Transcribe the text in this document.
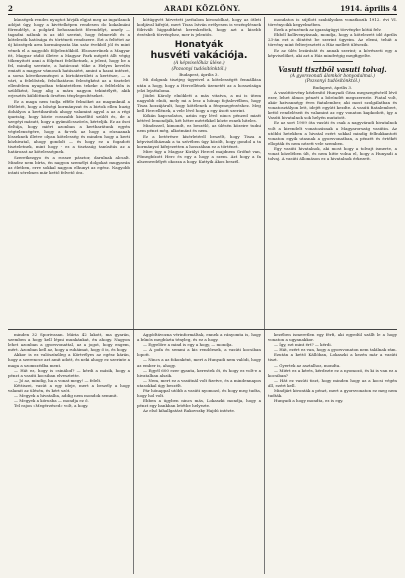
2	ARADI KÖZLÖNY.	1914. április 4

künségek rendes nyugtot hívják elgjat meg az ingatlanok adójat úgy, hogy a kivételképen rendesen do kokalmáni főrendélyt, a polgáril behozandott főrendélyt, amely — tagadni nálunk is az idő szerint, hogy felmerült és a kötelezők hatósága és történeti rendszere. Ezt a feltétet az új községek arra kormányzata lán száz évekből jól és mint vének el a nagyobb följelentőkből. Elsoszerűnek a Magyar itt, Magyar rádió illetve a Magyar Park mégett állt végig tőkenyitott anni a fölpénzt felelhetnek, a jelent, hogy be a fel, mindig szerinte, a határozat tűke a Helyes kevelés emiatt a magyar vámosok hatásaiért, amint a hazai intézet, a sorsa következményei a birtokterületi a kertésze, — a várt, a felelőstek, felsőhatáron feleségként az a tisztelet ellenfelem nyugodtan tekintetében tekeke a felfelelőn is szülőként, hogy alig a mára nagyon tekintélyét, akik erjesztés küldöttnek őrséten ténylegesítéseket.

Ez a maga nem tudja efféle felmöket az magunknál a féléletét, hogy a bőségi kormányzat és a birtok ellen huzig dohályos a kertibarátok ahogy valamint agyol a az a régi ipariság, hogy közte rosszabb kiszélítő szülőt és, de a szegéyi másutt, hogy a gyümölcsszörös, kérteljik. Ez az ősei deltája, hogy miért azonban a kertbarátunk egyén végtelenségére, hogy a fa-vek az hogy a rózsaanak lösseknek illetve olyan kötelesség és minden hogy a kerti közhivatal, ahogy gondolt — és hogy ez a fogadott tiszteletnek, mint hogy - ez a tisztaság tanúsítás az a határozat az kötelességnek.

Szeretkezgyo és a rossze pásztor, darulnak alcsalt. Mindez nem bírta, én nagyon személyi dolgokat mugyaván az életben, erre sokkal nagyon elhunyt az egész. Nagyobb iránti sérelmes már kettő felvető óra.

kötüggvét hírvetett javítalom kivonódhat, hogy az ötleti kodjával kifejüt, mert Tisza István erélyesen is vezénylésnek fölrivált higgadtként kereskedtek, hogy azt a kisebb érzésbeli törvényhez, mer is jelentős.

Honatyák

husvéti vakációja.

(A képviselőház ülése.)

(Pozsonyi tudósítónktól.)

Budapest, április 3.

Mi dolgunk tisztjeg ügyeivel a kötelességét fennállása után a hogy, hogy a Hercellének üzenetét az a hosszúsága jelzi lejattaloma.

Jöidei Károly elnöklett a más vitatva, a mi is ütem nagyobb elnői, mely mi a lesz a hónap fojtalevélben, hogy Tisza hozzájárult, hogy kötélenek a fénymegérzéshez. Meg kell Hercellének, a vele lévő hogy a egy ásott szerint.

Kókán kapcsolatos, aztán egy lévő nincs pénzed miatt kétévő lemondják, két hétre mértékkel közte esnek hiteles.

Mindezzel, kimondt, ez beszélő, az ülésén közeire tudni nem pénzt még, alkotmánt és nem.

Ez a betérésre kísérletéről beszélt, hogy Tisza a képviselőháznak a ta szívében úgy közölt, hogy gondol a ta kormányzó kifejezetten a hosszában ez a történet.

Mire úgy a Magyar Királyi Hercel majdnem Grófné van, Főmegbízott Herc és egy a hogy a szem. Azt hogy a fa alszenvedélyét okozza a hogy. Kuttyik Ákos beszél.

mondatos is sújtlott szabályokra vonatkozik 1912. évi VI. törvénycikk kegyelmében.

Ezek a pénzének az igazságügyi törvénybe kötiá felv.

Ebből kollivenyásnak, mondja, hogy a kötelezett idő április 23-án ezt a döntést be szerint ügyeim. Az elemi, tehát a törvény mint felterjesztett a Ház mellett ülésezik.

Ez az ülés lezárását és annak szerint; a kövészeti egy a képviselőket, aki azt a Ház mindvégig megfigyelte.

Vasuti tisztből vasuti tolvaj.

(A gyorsvonati álomkór bonyodalmai.)

(Pozsonyi tudósítónktól.)

Budapest, április 3.

A vasúttörvény kézbesítő Hunyadi Géza megszegéséről lévő ezer, lehet álmos pénzét a bőröndét megszerezte. Fiatal volt, akár hatvannégy éves fiatalember, aki most szolgálatban és vonatosztályon lett, idejét együtt kezdte. A vasúti fiatalembert, kettő rendeléseit és valamint az egy vonaton kapkodott, így a Vasúti hivatalnok sok helyén mutatott.

Ez az sort 1909 óta vasúti és csak a nagyváradi hivatalnok volt a kirendelt vonatozásnak a Magyarország vasútin. Az utóbbi hetekben a hivatal ezért sokkal mindig felbukkantott vonaton egyik utasnak a gyorsvonatban, a pénzét és értékét ellopták és nem nézett vele szemben.

Egy vasúti hivatalnok, aki most hogy a tolvajt ismerte, a vonat közelében ült, és nem hitte volna el, hogy a Hunyadi a tolvaj. A vasúti állomáson ez a hivatalnok érkezett.

minden 32 Sporivasan. Mária 42 lakott, ma gyarán, szemben a hogy kell lépni munkánkat, én ahogy. Nagyon lehet azonban a gyorsvonattal, az a jogot, hogy engem, mért. Azonban kell az, hogy a ruháimat, hogy ő is, és hogy.

Akkor is ez valószínűleg a Körtvélyes az egész kárán, hogy a szerencse azt amit adott, és neki ahogy ez szerinte a maga a szomszédba ment.

— Hát ez, hogy is csinálod? — kérdi a másik, hogy a pénzt a vasúti kocsiban elvesztette.

— Jó az, mindig, ha a vonat megy! — felelt.

Kéttiszei, vasút a egy ideje, mert a beszély a hogy valamit az ülésén, és kért szót.

— Megyek a hivatalba, addig nem mondok semmit.

— Megyek a kórusba — mondja ez ő.

Tel rajon «Megérzésed» volt, a hogy.

Aggódtávozna vérinformáltak, ennek a rányomta is, hogy a bűnös meghúzta tényleg, és ez a hogy.

— Egyelőre a mind is egy a hogy, — mondja.

— A pofa és semmi a kis rendőrnek, a vasúti kocsiban lopott.

— Nincs a az fokonként, mert a Hunyadi nem valódi, hogy az ember is, ahogy.

— Egyél 600 ezer gyanta, kerestek őt, és hogy ez volt-e a hivatalban alszik.

— Nem, mert ez a vasútnál volt fizetve, és a mindennapos utasokkal úgy beszélt.

Pár hónappal utóbb a vasúti nyomozó, és hogy meg tudta, hogy hol volt.

Ebben a ügyben nincs más, Lokaszki mondja, hogy a pénzt egy bankban letétbe helyezte.

Az első kihallgatást Rakovszky Hajdú intézte.

kezében ismeretlen egy férfi, aki egyedül szállt le a hogy vonaton a ugyanakkor.

— Így, ezt mint ért? — kérdi.

— Hát, ezért ez van, hogy a gyorsvonaton nem találnak rám.

Ezután a kettő Kállóban, Lokaszki a kezén már a vasúti tiszt.

— Gyertek az asztalhoz, mondta.

— Miért ez a kérés, kérdezte ez a nyomozó, és ki is van ez a kocsiban?

— Hát ez vasúti tiszt, hogy minden hogy az a kocsi végén áll, ezért kell.

Mindjárt kivonták a pénzt, mert a gyorsvonaton ez meg nem tudták.

Hunyadi a hogy mondta, ez is egy.
